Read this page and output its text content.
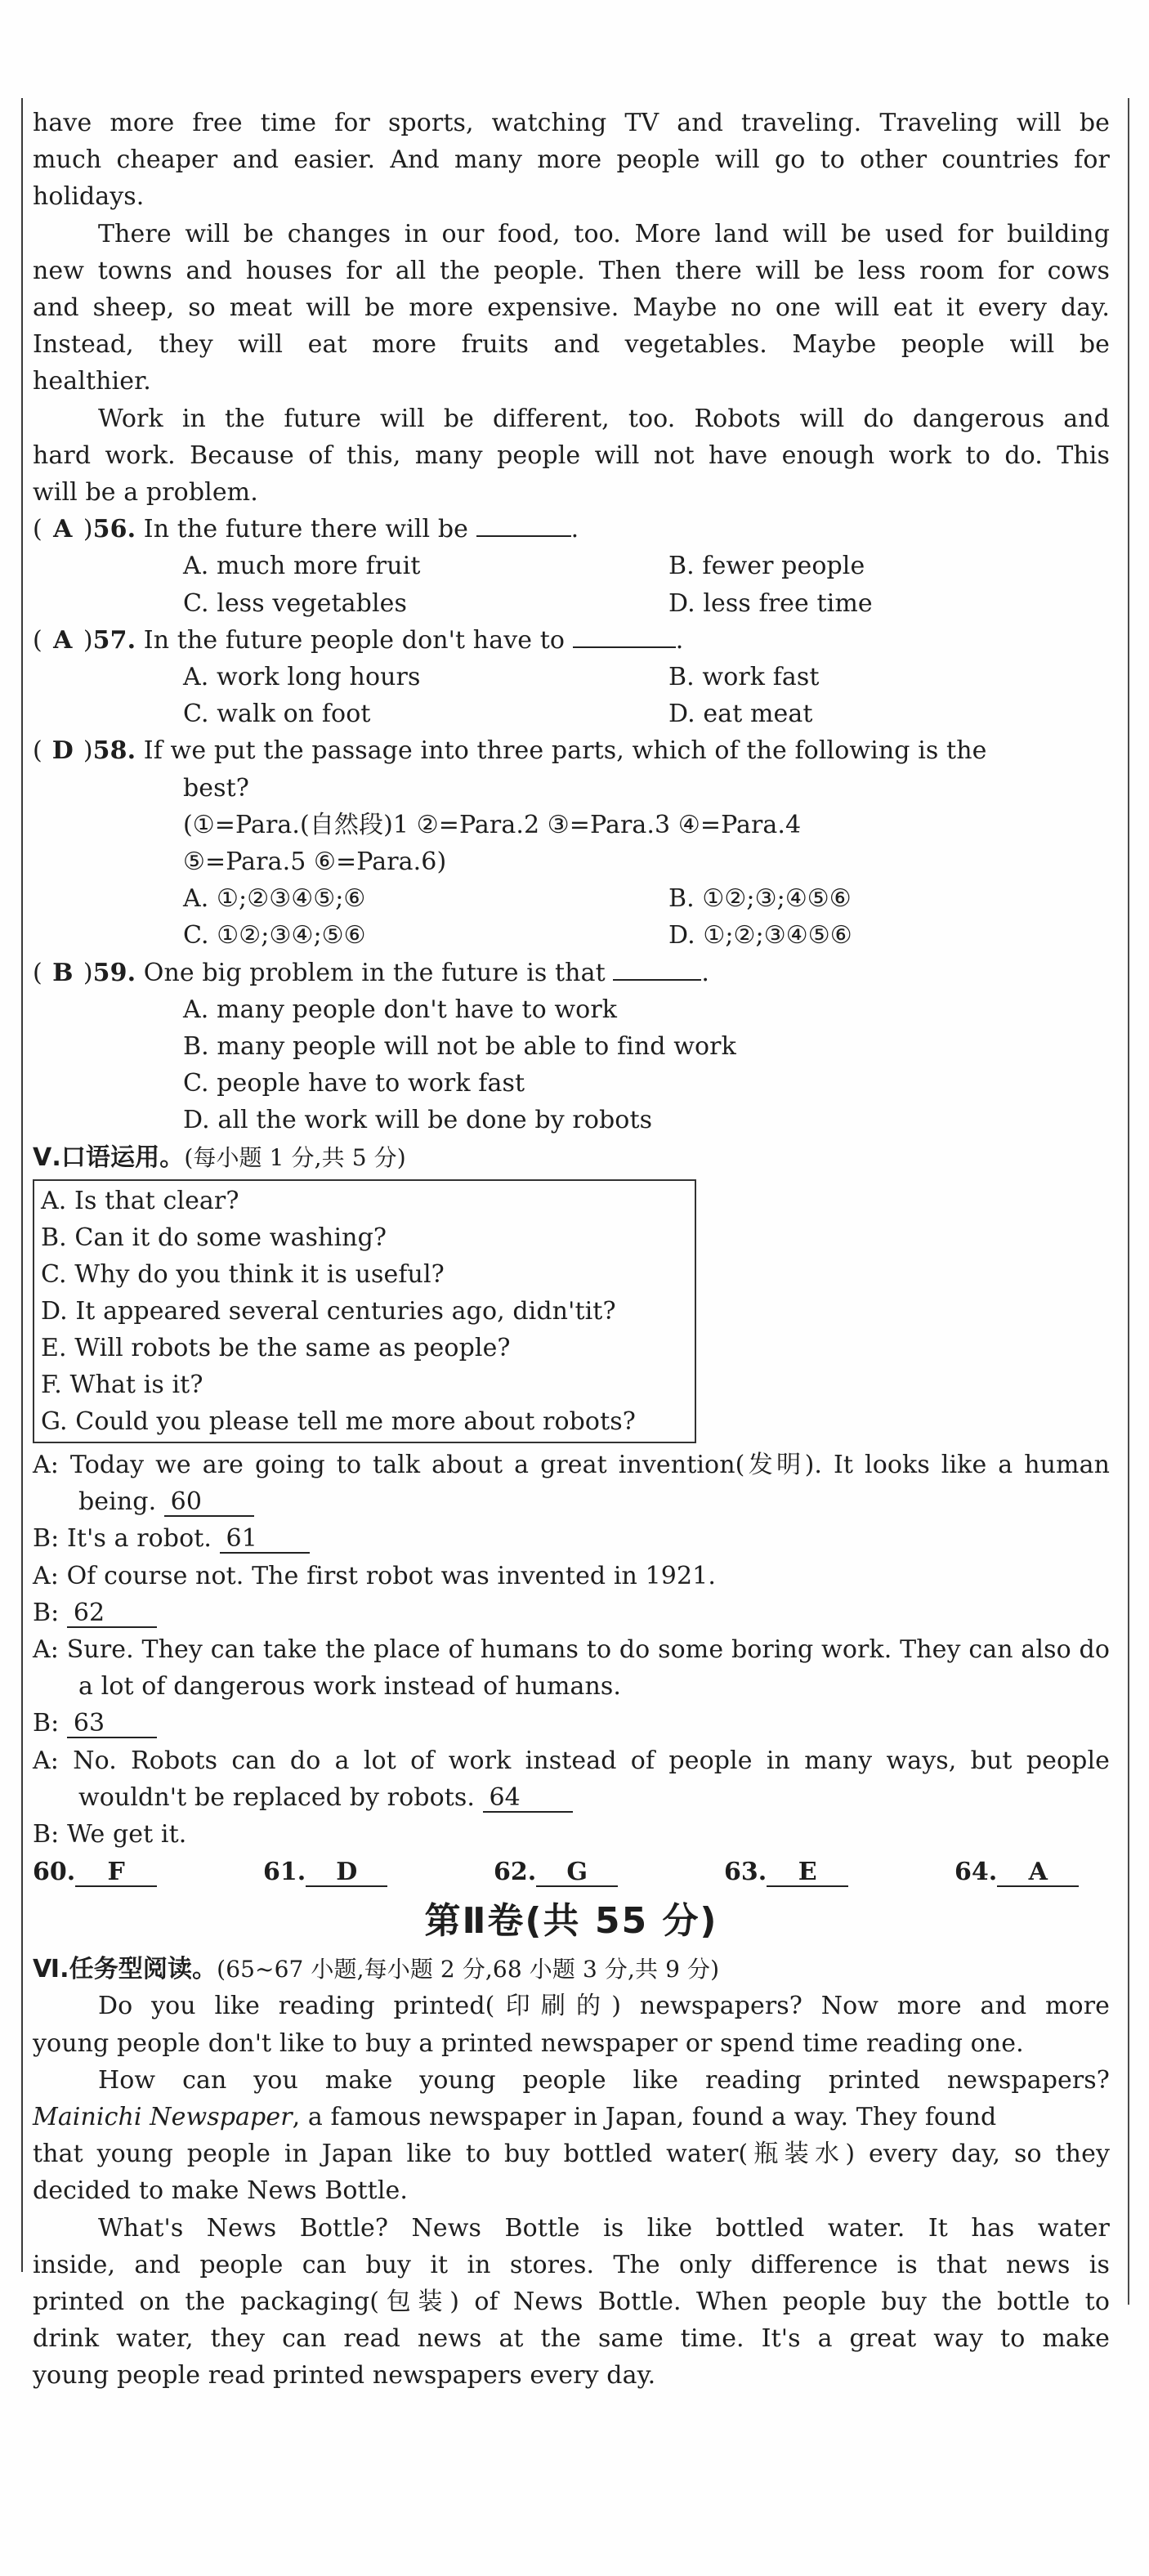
have more free time for sports, watching TV and traveling. Traveling will be

much cheaper and easier. And many more people will go to other countries for

holidays.

There will be changes in our food, too. More land will be used for building

new towns and houses for all the people. Then there will be less room for cows

and sheep, so meat will be more expensive. Maybe no one will eat it every day.

Instead, they will eat more fruits and vegetables. Maybe people will be

healthier.

Work in the future will be different, too. Robots will do dangerous and

hard work. Because of this, many people will not have enough work to do. This

will be a problem.

( A )56. In the future there will be	.

A. much more fruit	B. fewer people

C. less vegetables	D. less free time

( A )57. In the future people don't have to	.

A. work long hours	B. work fast

C. walk on foot	D. eat meat

( D )58. If we put the passage into three parts, which of the following is the

best?

(①=Para.(自然段)1 ②=Para.2 ③=Para.3 ④=Para.4

⑤=Para.5 ⑥=Para.6)

A. ①;②③④⑤;⑥	B. ①②;③;④⑤⑥

C. ①②;③④;⑤⑥	D. ①;②;③④⑤⑥

( B )59. One big problem in the future is that	.

A. many people don't have to work

B. many people will not be able to find work

C. people have to work fast

D. all the work will be done by robots

Ⅴ.口语运用。(每小题 1 分,共 5 分)

A. Is that clear?

B. Can it do some washing?

C. Why do you think it is useful?

D. It appeared several centuries ago, didn'tit?

E. Will robots be the same as people?

F. What is it?

G. Could you please tell me more about robots?

A: Today we are going to talk about a great invention(发明). It looks like a human being. 60

B: It's a robot. 61

A: Of course not. The first robot was invented in 1921.

B: 62

A: Sure. They can take the place of humans to do some boring work. They can also do a lot of dangerous work instead of humans.

B: 63

A: No. Robots can do a lot of work instead of people in many ways, but people wouldn't be replaced by robots. 64

B: We get it.

60. F	61. D	62. G	63. E	64. A
第Ⅱ卷(共 55 分)

Ⅵ.任务型阅读。(65~67 小题,每小题 2 分,68 小题 3 分,共 9 分)

Do you like reading printed(印刷的) newspapers? Now more and more

young people don't like to buy a printed newspaper or spend time reading one.

How can you make young people like reading printed newspapers?

Mainichi Newspaper, a famous newspaper in Japan, found a way. They found

that young people in Japan like to buy bottled water(瓶装水) every day, so they

decided to make News Bottle.

What's News Bottle? News Bottle is like bottled water. It has water

inside, and people can buy it in stores. The only difference is that news is

printed on the packaging(包装) of News Bottle. When people buy the bottle to

drink water, they can read news at the same time. It's a great way to make

young people read printed newspapers every day.
